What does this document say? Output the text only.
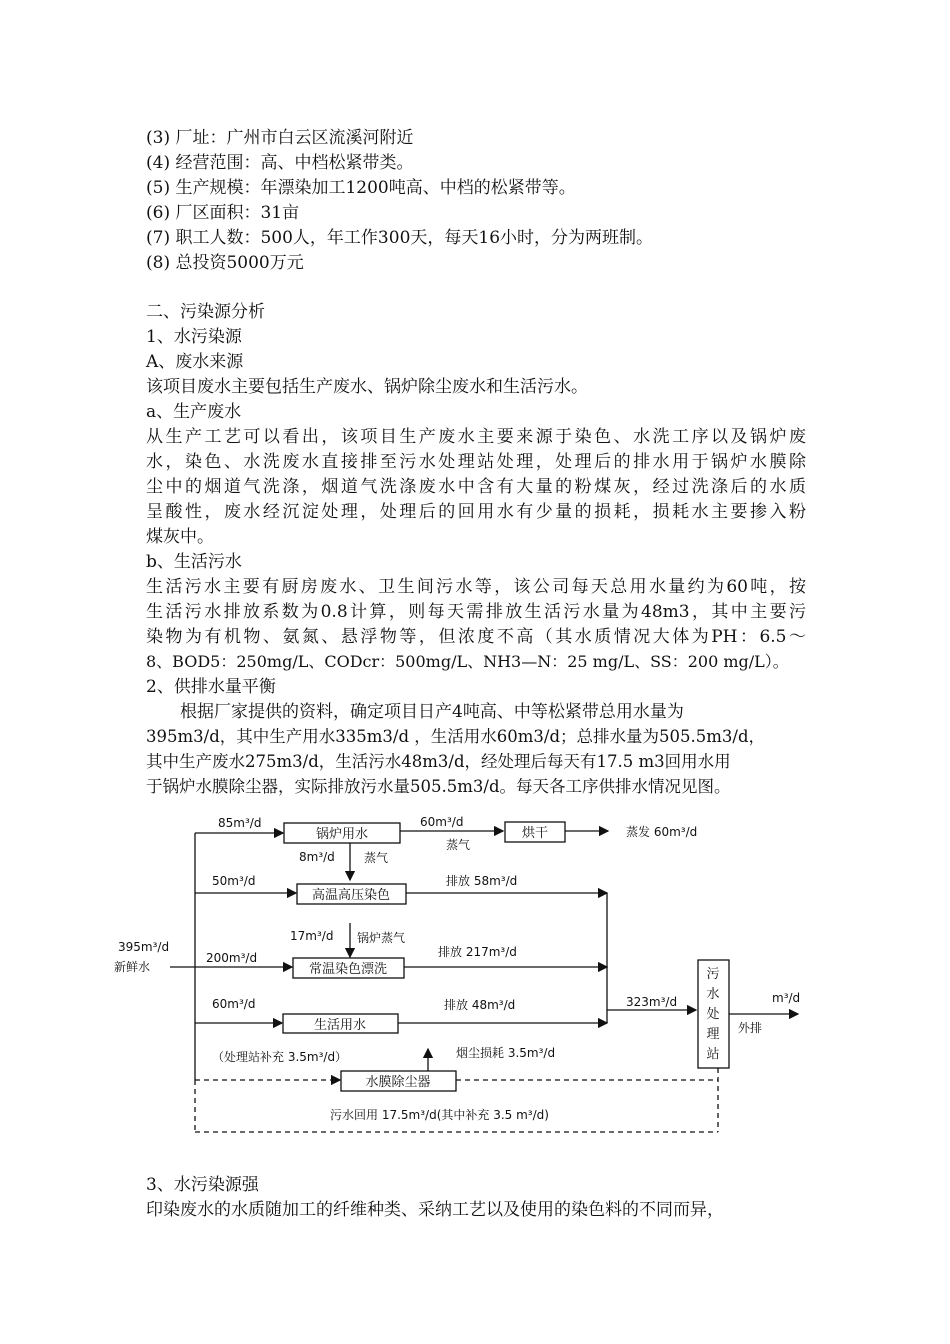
(3) 厂址：广州市白云区流溪河附近
(4) 经营范围：高、中档松紧带类。
(5) 生产规模：年漂染加工1200吨高、中档的松紧带等。
(6) 厂区面积：31亩
(7) 职工人数：500人，年工作300天，每天16小时，分为两班制。
(8) 总投资5000万元
二、污染源分析
1、水污染源
A、废水来源
该项目废水主要包括生产废水、锅炉除尘废水和生活污水。
a、生产废水
从生产工艺可以看出，该项目生产废水主要来源于染色、水洗工序以及锅炉废
水，染色、水洗废水直接排至污水处理站处理，处理后的排水用于锅炉水膜除
尘中的烟道气洗涤，烟道气洗涤废水中含有大量的粉煤灰，经过洗涤后的水质
呈酸性，废水经沉淀处理，处理后的回用水有少量的损耗，损耗水主要掺入粉
煤灰中。
b、生活污水
生活污水主要有厨房废水、卫生间污水等，该公司每天总用水量约为60吨，按
生活污水排放系数为0.8计算，则每天需排放生活污水量为48m3，其中主要污
染物为有机物、氨氮、悬浮物等，但浓度不高（其水质情况大体为PH：6.5～
8、BOD5：250mg/L、CODcr：500mg/L、NH3—N：25 mg/L、SS：200 mg/L）。
2、供排水量平衡
根据厂家提供的资料，确定项目日产4吨高、中等松紧带总用水量为
395m3/d，其中生产用水335m3/d ，生活用水60m3/d；总排水量为505.5m3/d，
其中生产废水275m3/d，生活污水48m3/d，经处理后每天有17.5 m3回用水用
于锅炉水膜除尘器，实际排放污水量505.5m3/d。每天各工序供排水情况见图。
锅炉用水	烘干
高温高压染色
常温染色漂洗
生活用水
水膜除尘器
污
水
处
理
站
85m³/d	60m³/d
蒸气
蒸发 60m³/d
8m³/d 蒸气
50m³/d	排放 58m³/d
17m³/d 锅炉蒸气
395m³/d
新鲜水
200m³/d	排放 217m³/d
60m³/d	排放 48m³/d	323m³/d	m³/d
外排
（处理站补充 3.5m³/d）	烟尘损耗 3.5m³/d
污水回用 17.5m³/d(其中补充 3.5 m³/d)
3、水污染源强
印染废水的水质随加工的纤维种类、采纳工艺以及使用的染色料的不同而异，
